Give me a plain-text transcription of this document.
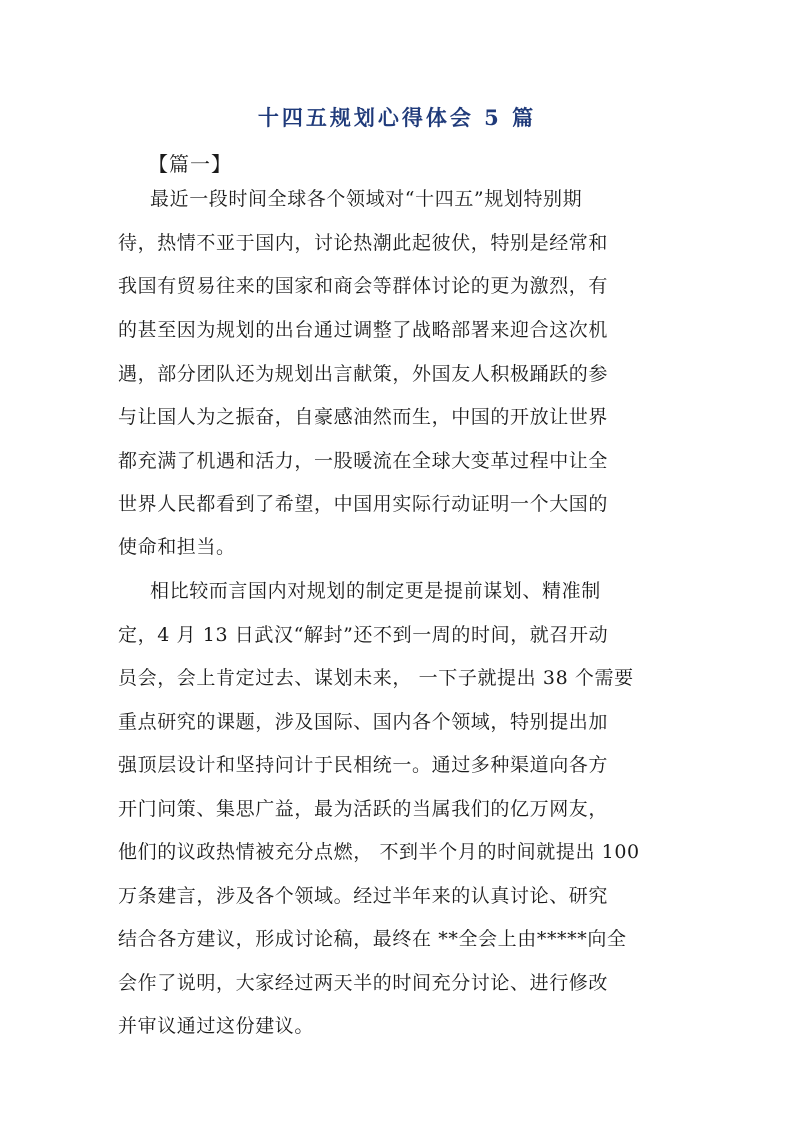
十四五规划心得体会 5 篇
【篇一】
最近一段时间全球各个领域对“十四五”规划特别期
待，热情不亚于国内，讨论热潮此起彼伏，特别是经常和
我国有贸易往来的国家和商会等群体讨论的更为激烈，有
的甚至因为规划的出台通过调整了战略部署来迎合这次机
遇，部分团队还为规划出言献策，外国友人积极踊跃的参
与让国人为之振奋，自豪感油然而生，中国的开放让世界
都充满了机遇和活力，一股暖流在全球大变革过程中让全
世界人民都看到了希望，中国用实际行动证明一个大国的
使命和担当。
相比较而言国内对规划的制定更是提前谋划、精准制
定，4 月 13 日武汉“解封”还不到一周的时间，就召开动
员会，会上肯定过去、谋划未来， 一下子就提出 38 个需要
重点研究的课题，涉及国际、国内各个领域，特别提出加
强顶层设计和坚持问计于民相统一。通过多种渠道向各方
开门问策、集思广益，最为活跃的当属我们的亿万网友，
他们的议政热情被充分点燃， 不到半个月的时间就提出 100
万条建言，涉及各个领域。经过半年来的认真讨论、研究
结合各方建议，形成讨论稿，最终在 **全会上由*****向全
会作了说明，大家经过两天半的时间充分讨论、进行修改
并审议通过这份建议。
